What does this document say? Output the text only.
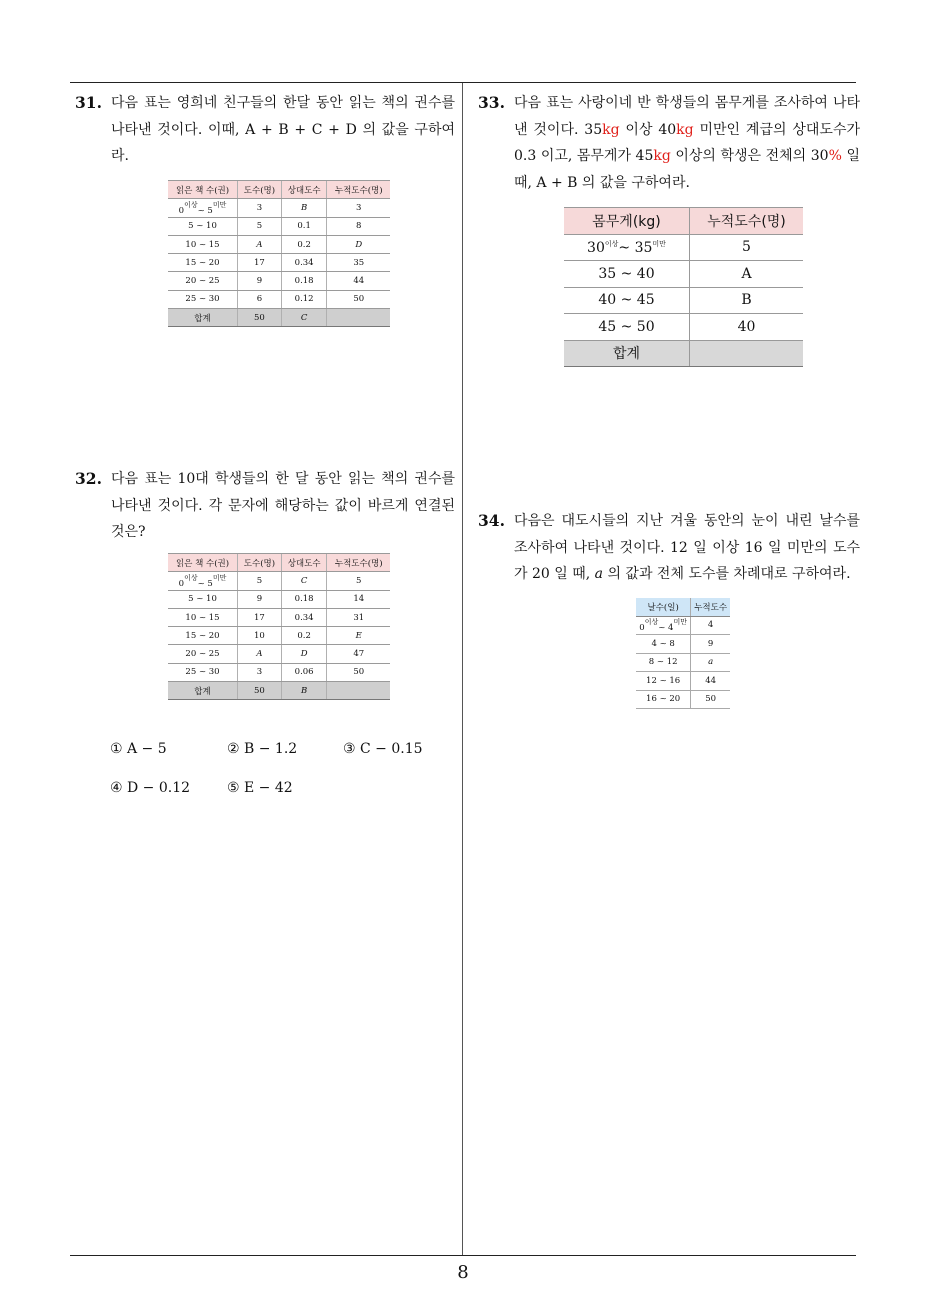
31. 다음 표는 영희네 친구들의 한달 동안 읽는 책의 권수를 나타낸 것이다. 이때, A + B + C + D 의 값을 구하여라.
읽은 책 수(권)	도수(명)	상대도수	누적도수(명)
$0^{이상}\sim$ $5^{미만}$	3	B	3
5 ~ 10	5	0.1	8
10 ~ 15	A	0.2	D
15 ~ 20	17	0.34	35
20 ~ 25	9	0.18	44
25 ~ 30	6	0.12	50
합계	50	C	
32. 다음 표는 10대 학생들의 한 달 동안 읽는 책의 권수를 나타낸 것이다. 각 문자에 해당하는 값이 바르게 연결된 것은?
읽은 책 수(권)	도수(명)	상대도수	누적도수(명)
$0^{이상}\sim$ $5^{미만}$	5	C	5
5 ~ 10	9	0.18	14
10 ~ 15	17	0.34	31
15 ~ 20	10	0.2	E
20 ~ 25	A	D	47
25 ~ 30	3	0.06	50
합계	50	B	
① A − 5	② B − 1.2	③ C − 0.15
④ D − 0.12	⑤ E − 42
33. 다음 표는 사랑이네 반 학생들의 몸무게를 조사하여 나타낸 것이다. 35kg 이상 40kg 미만인 계급의 상대도수가 0.3 이고, 몸무게가 45kg 이상의 학생은 전체의 30% 일 때, A + B 의 값을 구하여라.
몸무게(kg)	누적도수(명)
$30^{이상}\sim$ $35^{미만}$	5
35 ~ 40	A
40 ~ 45	B
45 ~ 50	40
합계	
34. 다음은 대도시들의 지난 겨울 동안의 눈이 내린 날수를 조사하여 나타낸 것이다. 12 일 이상 16 일 미만의 도수가 20 일 때, a 의 값과 전체 도수를 차례대로 구하여라.
날수(일)	누적도수
$0^{이상}\sim$ $4^{미만}$	4
4 ~ 8	9
8 ~ 12	a
12 ~ 16	44
16 ~ 20	50
8
